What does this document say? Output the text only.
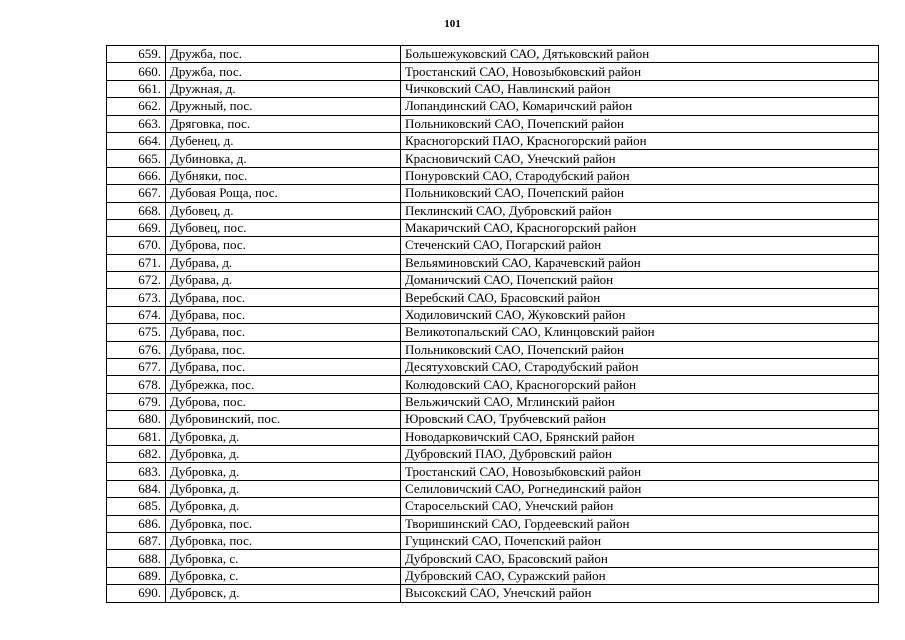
101
659.	Дружба, пос.	Большежуковский САО, Дятьковский район
660.	Дружба, пос.	Тростанский САО, Новозыбковский район
661.	Дружная, д.	Чичковский САО, Навлинский район
662.	Дружный, пос.	Лопандинский САО, Комаричский район
663.	Дряговка, пос.	Польниковский САО, Почепский район
664.	Дубенец, д.	Красногорский ПАО, Красногорский район
665.	Дубиновка, д.	Красновичский САО, Унечский район
666.	Дубняки, пос.	Понуровский САО, Стародубский район
667.	Дубовая Роща, пос.	Польниковский САО, Почепский район
668.	Дубовец, д.	Пеклинский САО, Дубровский район
669.	Дубовец, пос.	Макаричский САО, Красногорский район
670.	Дуброва, пос.	Стеченский САО, Погарский район
671.	Дубрава, д.	Вельяминовский САО, Карачевский район
672.	Дубрава, д.	Доманичский САО, Почепский район
673.	Дубрава, пос.	Веребский САО, Брасовский район
674.	Дубрава, пос.	Ходиловичский САО, Жуковский район
675.	Дубрава, пос.	Великотопальский САО, Клинцовский район
676.	Дубрава, пос.	Польниковский САО, Почепский район
677.	Дубрава, пос.	Десятуховский САО, Стародубский район
678.	Дубрежка, пос.	Колюдовский САО, Красногорский район
679.	Дуброва, пос.	Вельжичский САО, Мглинский район
680.	Дубровинский, пос.	Юровский САО, Трубчевский район
681.	Дубровка, д.	Новодарковичский САО, Брянский район
682.	Дубровка, д.	Дубровский ПАО, Дубровский район
683.	Дубровка, д.	Тростанский САО, Новозыбковский район
684.	Дубровка, д.	Селиловичский САО, Рогнединский район
685.	Дубровка, д.	Старосельский САО, Унечский район
686.	Дубровка, пос.	Творишинский САО, Гордеевский район
687.	Дубровка, пос.	Гущинский САО, Почепский район
688.	Дубровка, с.	Дубровский САО, Брасовский район
689.	Дубровка, с.	Дубровский САО, Суражский район
690.	Дубровск, д.	Высокский САО, Унечский район
